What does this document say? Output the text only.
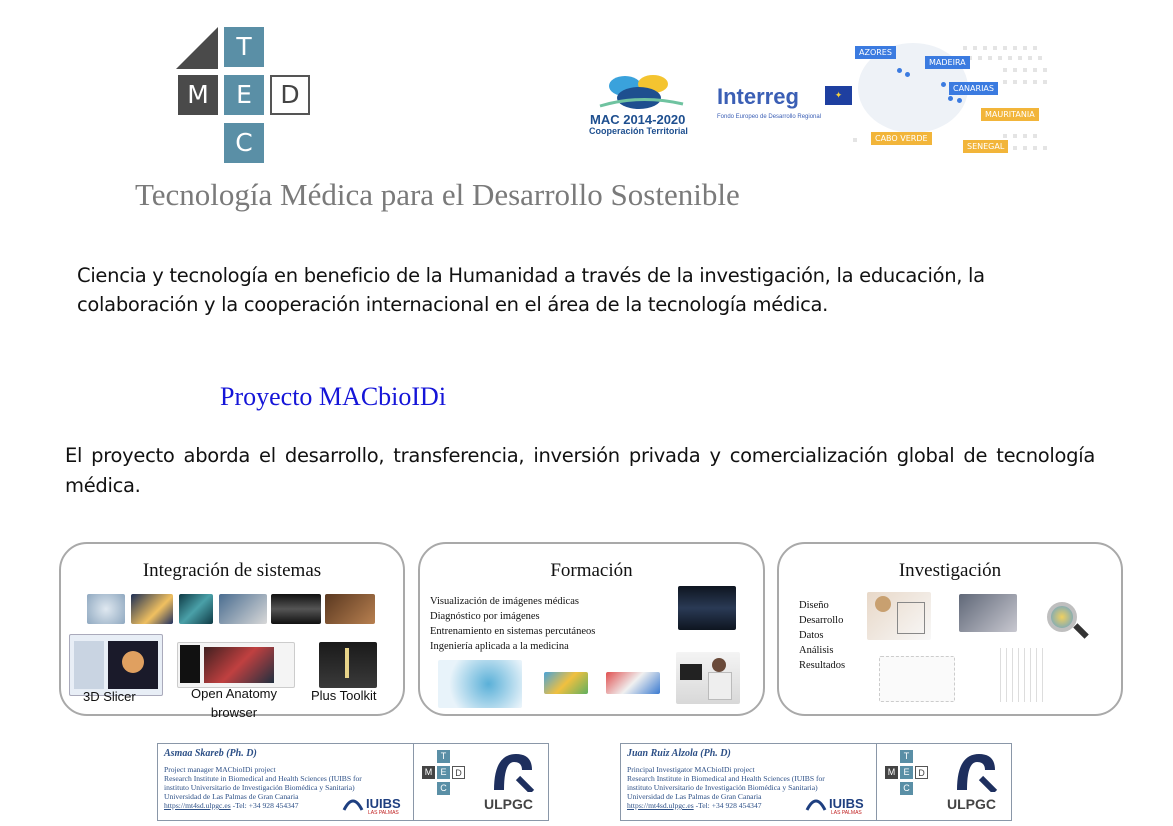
T
M	E	D
C
Tecnología Médica para el Desarrollo Sostenible
MAC 2014-2020
Cooperación Territorial
Interreg	✦
Fondo Europeo de Desarrollo Regional
AZORES
MADEIRA
CANARIAS
MAURITANIA
CABO VERDE
SENEGAL
Ciencia y tecnología en beneficio de la Humanidad a través de la investigación, la educación, la colaboración y la cooperación internacional en el área de la tecnología médica.
Proyecto MACbioIDi
El proyecto aborda el desarrollo, transferencia, inversión privada y comercialización global de tecnología médica.
Integración de sistemas
3D Slicer	Open Anatomy browser
Plus Toolkit
Formación
Visualización de imágenes médicas
Diagnóstico por imágenes
Entrenamiento en sistemas percutáneos
Ingeniería aplicada a la medicina
Investigación
Diseño
Desarrollo
Datos
Análisis
Resultados
Asmaa Skareb (Ph. D)
Project manager MACbioIDi project
Research Institute in Biomedical and Health Sciences (IUIBS for
instituto Universitario de Investigación Biomédica y Sanitaria)
Universidad de Las Palmas de Gran Canaria
https://mt4sd.ulpgc.es -Tel: +34 928 454347	IUIBS
LAS PALMAS
T
M E D
C
ULPGC
Juan Ruiz Alzola (Ph. D)
Principal Investigator MACbioIDi project
Research Institute in Biomedical and Health Sciences (IUIBS for
instituto Universitario de Investigación Biomédica y Sanitaria)
Universidad de Las Palmas de Gran Canaria
https://mt4sd.ulpgc.es -Tel: +34 928 454347	IUIBS
LAS PALMAS
T
M E D
C
ULPGC
